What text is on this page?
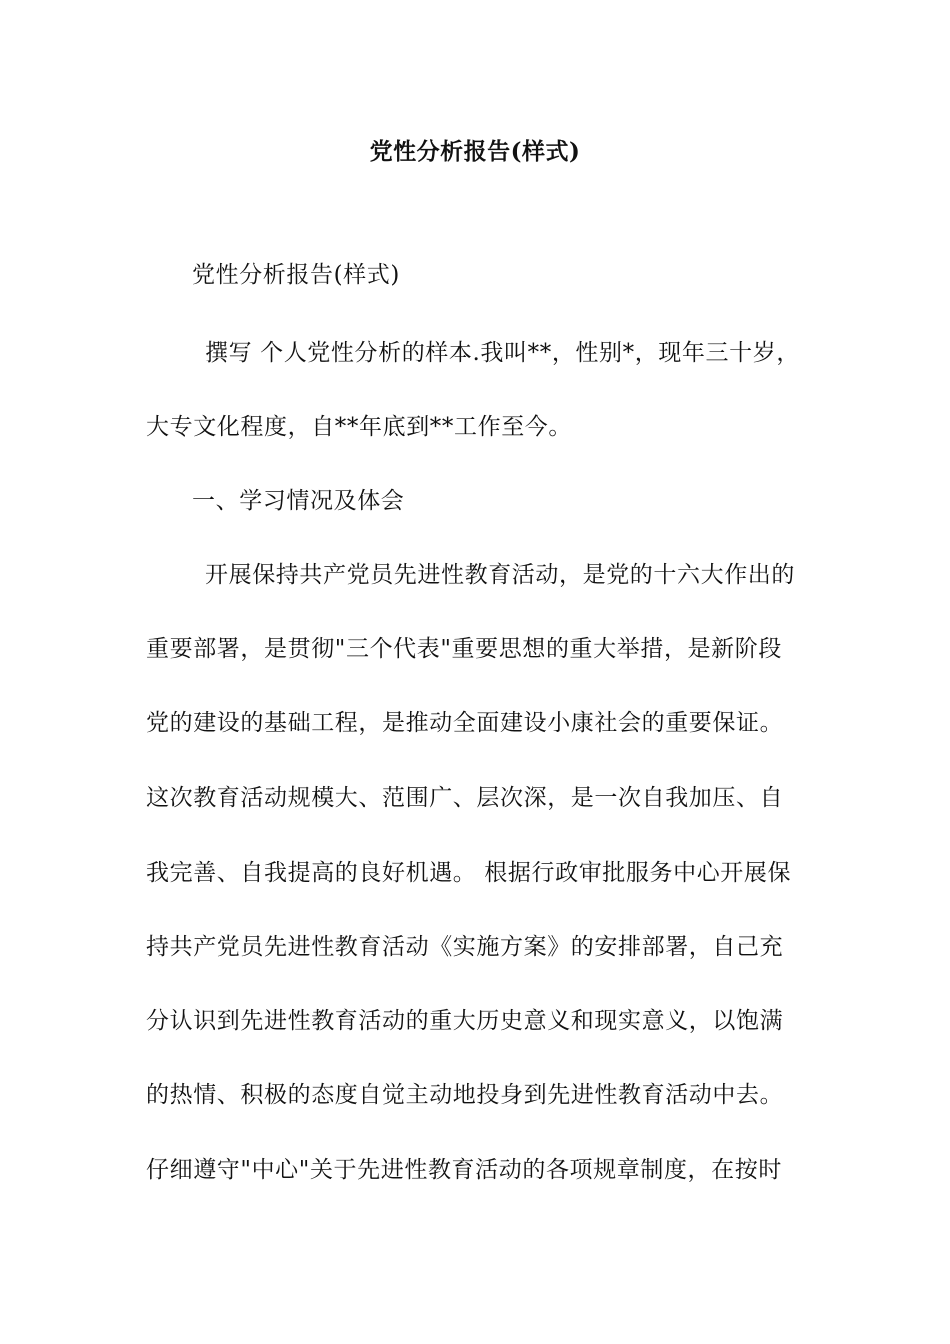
党性分析报告(样式)
党性分析报告(样式)
撰写 个人党性分析的样本.我叫**，性别*，现年三十岁，
大专文化程度，自**年底到**工作至今。
一、学习情况及体会
开展保持共产党员先进性教育活动，是党的十六大作出的
重要部署，是贯彻"三个代表"重要思想的重大举措，是新阶段
党的建设的基础工程，是推动全面建设小康社会的重要保证。
这次教育活动规模大、范围广、层次深，是一次自我加压、自
我完善、自我提高的良好机遇。 根据行政审批服务中心开展保
持共产党员先进性教育活动《实施方案》的安排部署，自己充
分认识到先进性教育活动的重大历史意义和现实意义，以饱满
的热情、积极的态度自觉主动地投身到先进性教育活动中去。
仔细遵守"中心"关于先进性教育活动的各项规章制度，在按时
